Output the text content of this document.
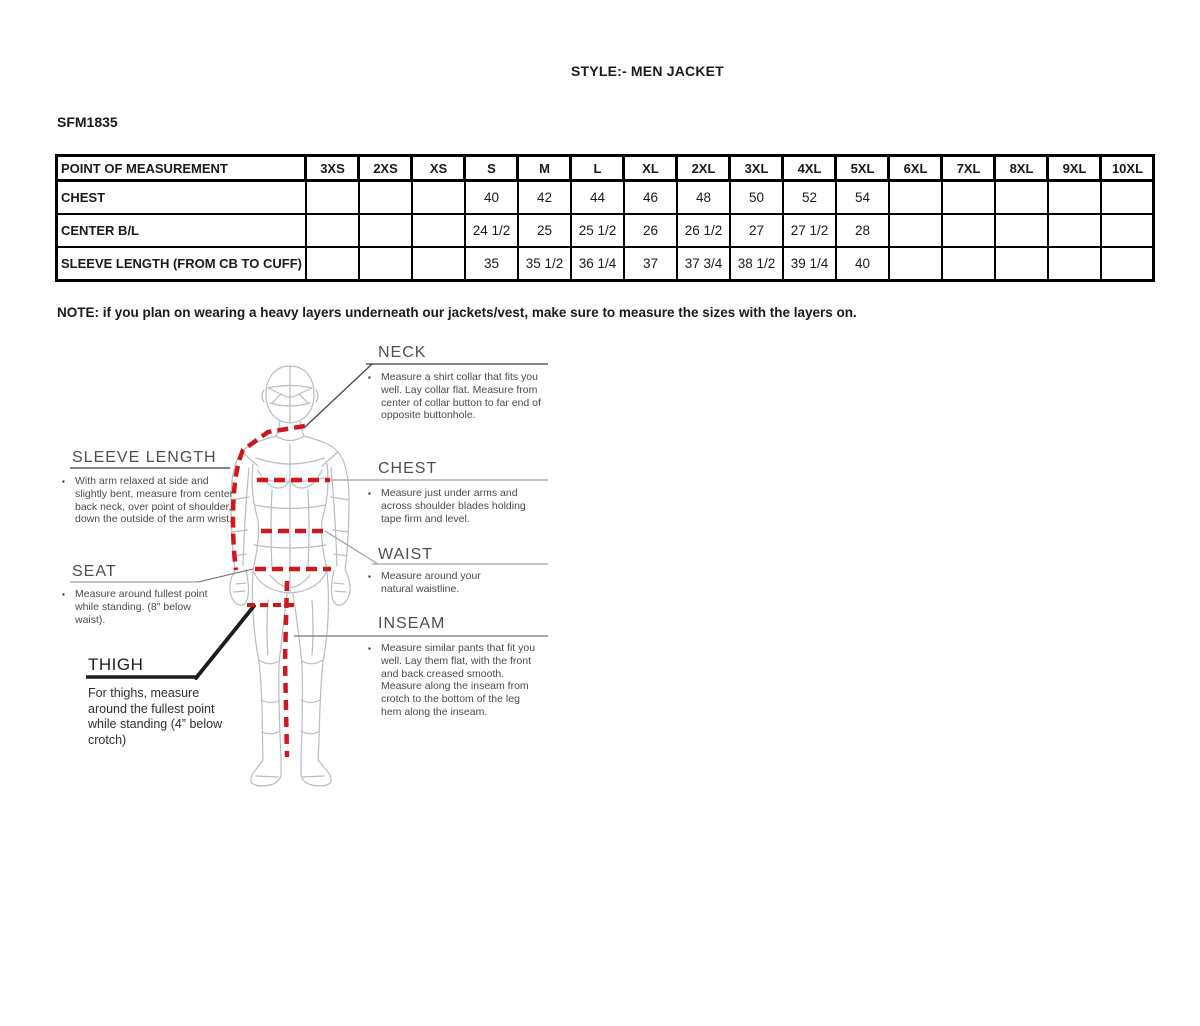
STYLE:- MEN JACKET
SFM1835
POINT OF MEASUREMENT	3XS	2XS	XS	S	M	L	XL	2XL	3XL	4XL	5XL	6XL	7XL	8XL	9XL	10XL
CHEST				40	42	44	46	48	50	52	54					
CENTER B/L				24 1/2	25	25 1/2	26	26 1/2	27	27 1/2	28					
SLEEVE LENGTH (FROM CB TO CUFF)				35	35 1/2	36 1/4	37	37 3/4	38 1/2	39 1/4	40					
NOTE: if you plan on wearing a heavy layers underneath our jackets/vest, make sure to measure the sizes with the layers on.
NECK
▪ Measure a shirt collar that fits you well. Lay collar flat. Measure from center of collar button to far end of opposite buttonhole.
SLEEVE LENGTH
▪ With arm relaxed at side and slightly bent, measure from center back neck, over point of shoulder, down the outside of the arm wrist.
CHEST
▪ Measure just under arms and across shoulder blades holding tape firm and level.
SEAT
▪ Measure around fullest point while standing. (8" below waist).
WAIST
▪ Measure around your natural waistline.
THIGH
For thighs, measure around the fullest point while standing (4” below crotch)
INSEAM
▪ Measure similar pants that fit you well. Lay them flat, with the front and back creased smooth. Measure along the inseam from crotch to the bottom of the leg hem along the inseam.
